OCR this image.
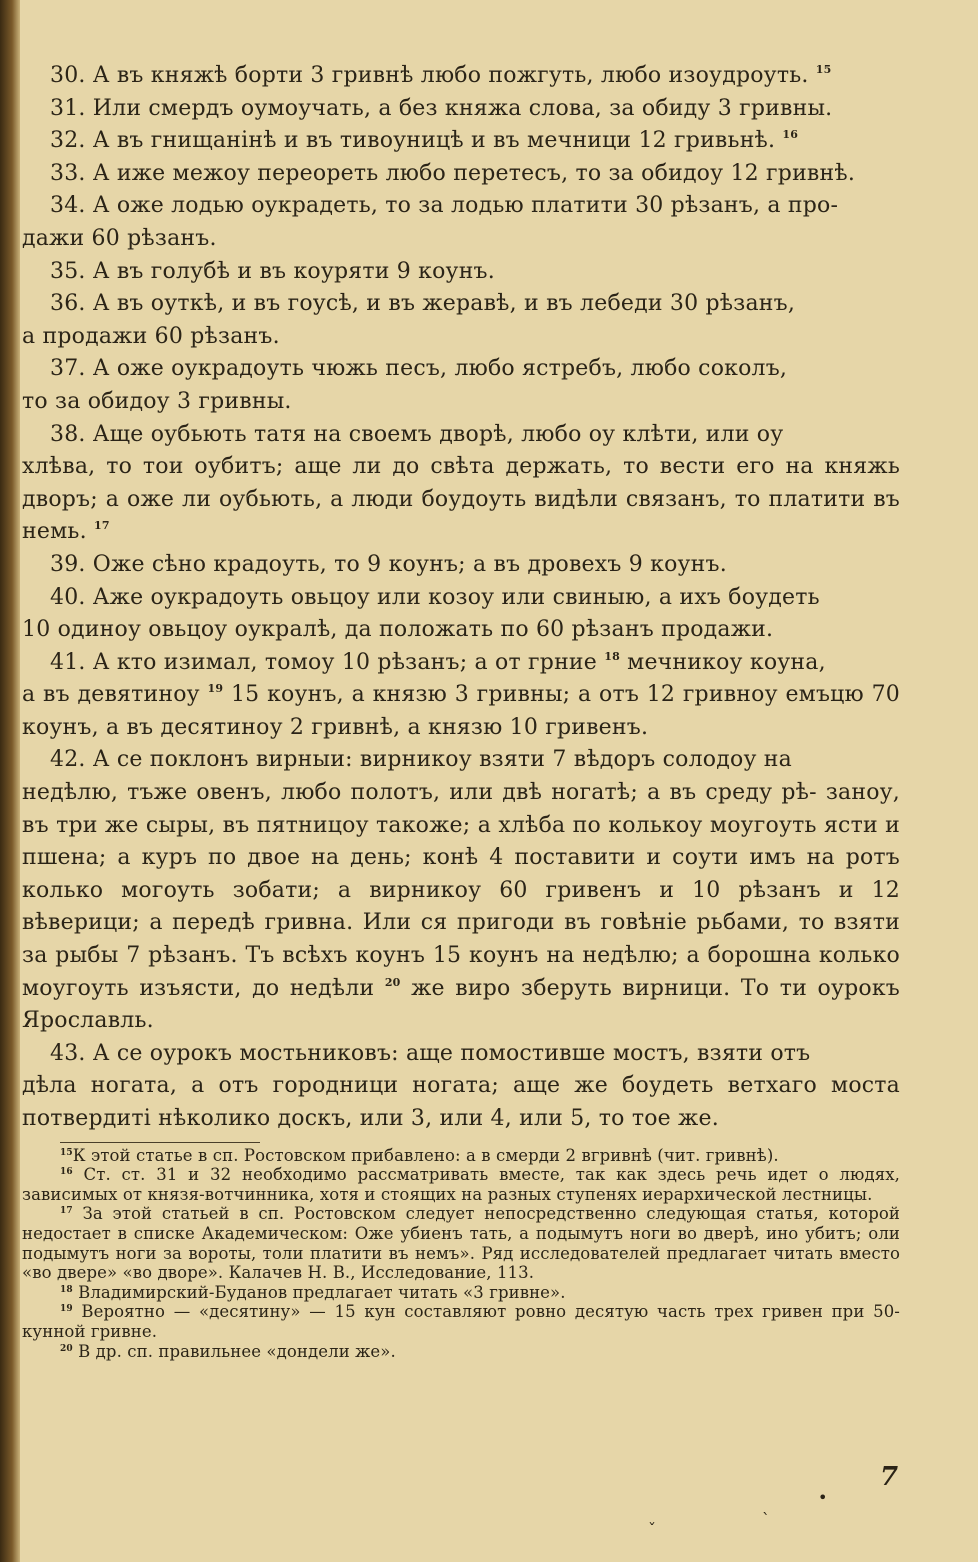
30. А въ княжѣ борти 3 гривнѣ любо пожгуть, любо изоудроуть. $^{15}$

31. Или смердъ оумоучать, а без княжа слова, за обиду 3 гривны.

32. А въ гнищанінѣ и въ тивоуницѣ и въ мечници 12 гривьнѣ. $^{16}$

33. А иже межоу переореть любо перетесъ, то за обидоу 12 гривнѣ.

34. А оже лодью оукрадеть, то за лодью платити 30 рѣзанъ, а про-
дажи 60 рѣзанъ.

35. А въ голубѣ и въ коуряти 9 коунъ.

36. А въ оуткѣ, и въ гоусѣ, и въ жеравѣ, и въ лебеди 30 рѣзанъ,
а продажи 60 рѣзанъ.

37. А оже оукрадоуть чюжь песъ, любо ястребъ, любо соколъ,
то за обидоу 3 гривны.

38. Аще оубьють татя на своемъ дворѣ, любо оу клѣти, или оу
хлѣва, то тои оубитъ; аще ли до свѣта держать, то вести его на княжь дворъ; а оже ли оубьють, а люди боудоуть видѣли связанъ, то платити въ немь. $^{17}$

39. Оже сѣно крадоуть, то 9 коунъ; а въ дровехъ 9 коунъ.

40. Аже оукрадоуть овьцоу или козоу или свиныю, а ихъ боудеть
10 одиноу овьцоу оукралѣ, да положать по 60 рѣзанъ продажи.

41. А кто изимал, томоу 10 рѣзанъ; а от грние $^{18}$ мечникоу коуна,
а въ девятиноу $^{19}$ 15 коунъ, а князю 3 гривны; а отъ 12 гривноу емъцю 70 коунъ, а въ десятиноу 2 гривнѣ, а князю 10 гривенъ.

42. А се поклонъ вирныи: вирникоу взяти 7 вѣдоръ солодоу на
недѣлю, тъже овенъ, любо полотъ, или двѣ ногатѣ; а въ среду рѣ- заноу, въ три же сыры, въ пятницоу такоже; а хлѣба по колькоу моугоуть ясти и пшена; а куръ по двое на день; конѣ 4 поставити и соути имъ на ротъ колько могоуть зобати; а вирникоу 60 гривенъ и 10 рѣзанъ и 12 вѣверици; а передѣ гривна. Или ся пригоди въ говѣніе рьбами, то взяти за рыбы 7 рѣзанъ. Тъ всѣхъ коунъ 15 коунъ на недѣлю; а борошна колько моугоуть изъясти, до недѣли $^{20}$ же виро зберуть вирници. То ти оурокъ Ярославль.

43. А се оурокъ мостьниковъ: аще помостивше мостъ, взяти отъ
дѣла ногата, а отъ городници ногата; аще же боудеть ветхаго моста потвердиті нѣколико доскъ, или 3, или 4, или 5, то тое же.

$^{15}$К этой статье в сп. Ростовском прибавлено: а в смерди 2 вгривнѣ (чит. гривнѣ).

$^{16}$ Ст. ст. 31 и 32 необходимо рассматривать вместе, так как здесь речь идет о людях, зависимых от князя-вотчинника, хотя и стоящих на разных ступенях иерархической лестницы.

$^{17}$ За этой статьей в сп. Ростовском следует непосредственно следующая статья, которой недостает в списке Академическом: Оже убиенъ тать, а подымутъ ноги во дверѣ, ино убитъ; оли подымутъ ноги за вороты, толи платити въ немъ». Ряд исследователей предлагает читать вместо «во двере» «во дворе». Калачев Н. В., Исследование, 113.

$^{18}$ Владимирский-Буданов предлагает читать «3 гривне».

$^{19}$ Вероятно — «десятину» — 15 кун составляют ровно десятую часть трех гривен при 50-кунной гривне.

$^{20}$ В др. сп. правильнее «дондели же».

7
•
ˇ
ˋ
